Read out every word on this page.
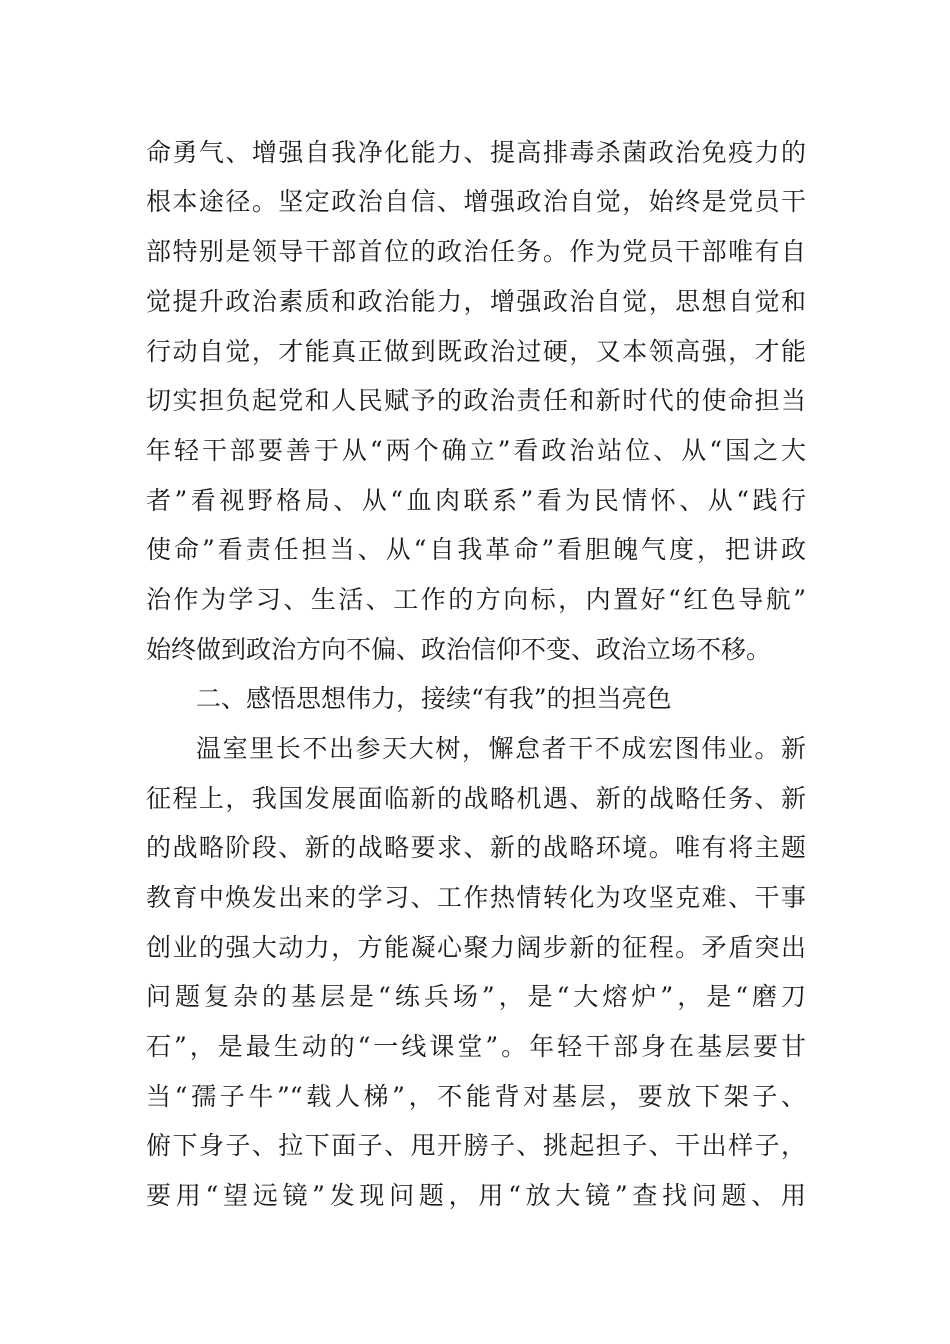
命勇气、增强自我净化能力、提高排毒杀菌政治免疫力的
根本途径。坚定政治自信、增强政治自觉，始终是党员干
部特别是领导干部首位的政治任务。作为党员干部唯有自
觉提升政治素质和政治能力，增强政治自觉，思想自觉和
行动自觉，才能真正做到既政治过硬，又本领高强，才能
切实担负起党和人民赋予的政治责任和新时代的使命担当
年轻干部要善于从“两个确立”看政治站位、从“国之大
者”看视野格局、从“血肉联系”看为民情怀、从“践行
使命”看责任担当、从“自我革命”看胆魄气度，把讲政
治作为学习、生活、工作的方向标，内置好“红色导航”
始终做到政治方向不偏、政治信仰不变、政治立场不移。
二、感悟思想伟力，接续“有我”的担当亮色
温室里长不出参天大树，懈怠者干不成宏图伟业。新
征程上，我国发展面临新的战略机遇、新的战略任务、新
的战略阶段、新的战略要求、新的战略环境。唯有将主题
教育中焕发出来的学习、工作热情转化为攻坚克难、干事
创业的强大动力，方能凝心聚力阔步新的征程。矛盾突出
问题复杂的基层是“练兵场”，是“大熔炉”，是“磨刀
石”，是最生动的“一线课堂”。年轻干部身在基层要甘
当“孺子牛”“载人梯”，不能背对基层，要放下架子、
俯下身子、拉下面子、甩开膀子、挑起担子、干出样子，
要用“望远镜”发现问题，用“放大镜”查找问题、用
